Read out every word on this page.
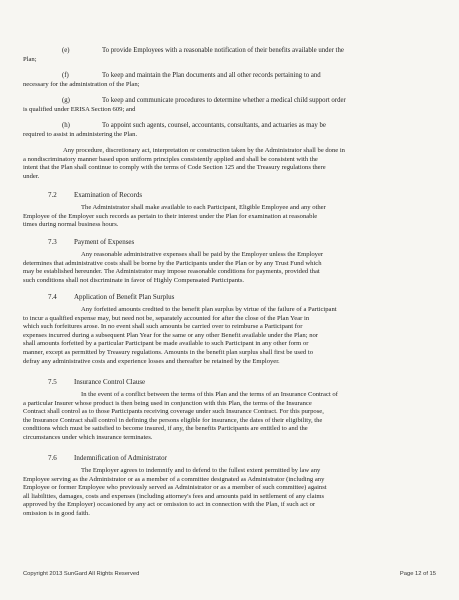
(e)	To provide Employees with a reasonable notification of their benefits available under the
Plan;
(f)	To keep and maintain the Plan documents and all other records pertaining to and
necessary for the administration of the Plan;
(g)	To keep and communicate procedures to determine whether a medical child support order
is qualified under ERISA Section 609; and
(h)	To appoint such agents, counsel, accountants, consultants, and actuaries as may be
required to assist in administering the Plan.
Any procedure, discretionary act, interpretation or construction taken by the Administrator shall be done in
a nondiscriminatory manner based upon uniform principles consistently applied and shall be consistent with the
intent that the Plan shall continue to comply with the terms of Code Section 125 and the Treasury regulations there
under.
7.2 Examination of Records
The Administrator shall make available to each Participant, Eligible Employee and any other
Employee of the Employer such records as pertain to their interest under the Plan for examination at reasonable
times during normal business hours.
7.3 Payment of Expenses
Any reasonable administrative expenses shall be paid by the Employer unless the Employer
determines that administrative costs shall be borne by the Participants under the Plan or by any Trust Fund which
may be established hereunder. The Administrator may impose reasonable conditions for payments, provided that
such conditions shall not discriminate in favor of Highly Compensated Participants.
7.4 Application of Benefit Plan Surplus
Any forfeited amounts credited to the benefit plan surplus by virtue of the failure of a Participant
to incur a qualified expense may, but need not be, separately accounted for after the close of the Plan Year in
which such forfeitures arose. In no event shall such amounts be carried over to reimburse a Participant for
expenses incurred during a subsequent Plan Year for the same or any other Benefit available under the Plan; nor
shall amounts forfeited by a particular Participant be made available to such Participant in any other form or
manner, except as permitted by Treasury regulations. Amounts in the benefit plan surplus shall first be used to
defray any administrative costs and experience losses and thereafter be retained by the Employer.
7.5 Insurance Control Clause
In the event of a conflict between the terms of this Plan and the terms of an Insurance Contract of
a particular Insurer whose product is then being used in conjunction with this Plan, the terms of the Insurance
Contract shall control as to those Participants receiving coverage under such Insurance Contract. For this purpose,
the Insurance Contract shall control in defining the persons eligible for insurance, the dates of their eligibility, the
conditions which must be satisfied to become insured, if any, the benefits Participants are entitled to and the
circumstances under which insurance terminates.
7.6 Indemnification of Administrator
The Employer agrees to indemnify and to defend to the fullest extent permitted by law any
Employee serving as the Administrator or as a member of a committee designated as Administrator (including any
Employee or former Employee who previously served as Administrator or as a member of such committee) against
all liabilities, damages, costs and expenses (including attorney's fees and amounts paid in settlement of any claims
approved by the Employer) occasioned by any act or omission to act in connection with the Plan, if such act or
omission is in good faith.
Copyright 2013 SunGard All Rights Reserved	Page 12 of 15
